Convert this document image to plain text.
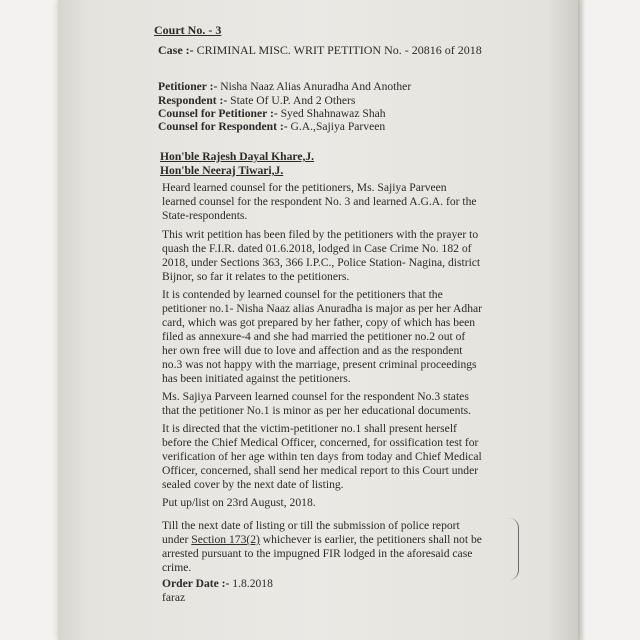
Court No. - 3
Case :- CRIMINAL MISC. WRIT PETITION No. - 20816 of 2018
Petitioner :- Nisha Naaz Alias Anuradha And Another
Respondent :- State Of U.P. And 2 Others
Counsel for Petitioner :- Syed Shahnawaz Shah
Counsel for Respondent :- G.A.,Sajiya Parveen
Hon'ble Rajesh Dayal Khare,J.
Hon'ble Neeraj Tiwari,J.
Heard learned counsel for the petitioners, Ms. Sajiya Parveen
learned counsel for the respondent No. 3 and learned A.G.A. for the
State-respondents.
This writ petition has been filed by the petitioners with the prayer to
quash the F.I.R. dated 01.6.2018, lodged in Case Crime No. 182 of
2018, under Sections 363, 366 I.P.C., Police Station- Nagina, district
Bijnor, so far it relates to the petitioners.
It is contended by learned counsel for the petitioners that the
petitioner no.1- Nisha Naaz alias Anuradha is major as per her Adhar
card, which was got prepared by her father, copy of which has been
filed as annexure-4 and she had married the petitioner no.2 out of
her own free will due to love and affection and as the respondent
no.3 was not happy with the marriage, present criminal proceedings
has been initiated against the petitioners.
Ms. Sajiya Parveen learned counsel for the respondent No.3 states
that the petitioner No.1 is minor as per her educational documents.
It is directed that the victim-petitioner no.1 shall present herself
before the Chief Medical Officer, concerned, for ossification test for
verification of her age within ten days from today and Chief Medical
Officer, concerned, shall send her medical report to this Court under
sealed cover by the next date of listing.
Put up/list on 23rd August, 2018.
Till the next date of listing or till the submission of police report
under Section 173(2) whichever is earlier, the petitioners shall not be
arrested pursuant to the impugned FIR lodged in the aforesaid case
crime.
Order Date :- 1.8.2018
faraz
